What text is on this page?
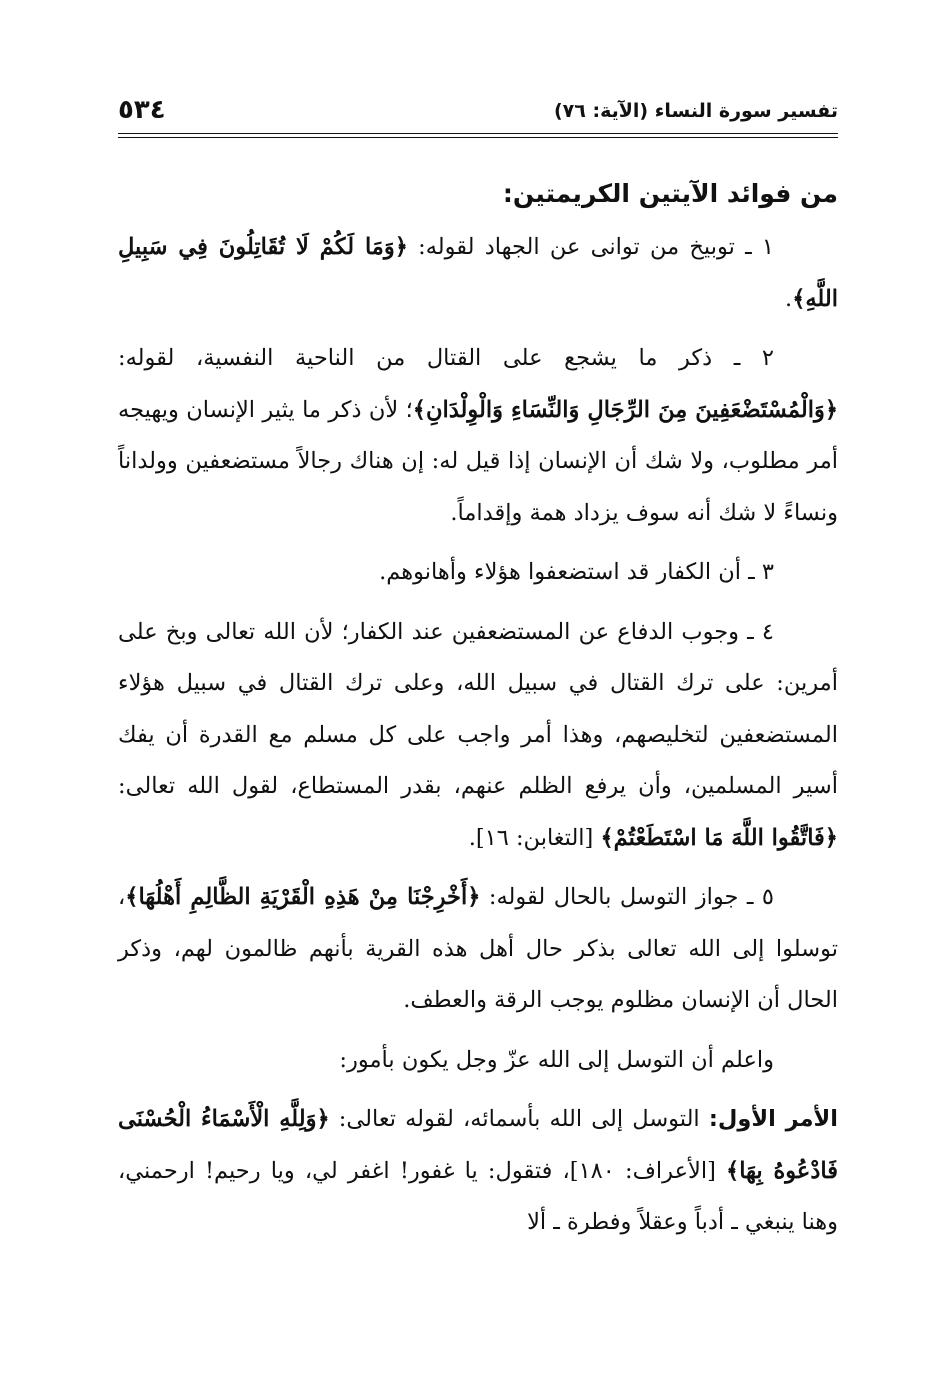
تفسير سورة النساء (الآية: ٧٦)
٥٣٤
من فوائد الآيتين الكريمتين:

١ ـ توبيخ من توانى عن الجهاد لقوله: ﴿وَمَا لَكُمْ لَا تُقَاتِلُونَ فِي سَبِيلِ اللَّهِ﴾.

٢ ـ ذكر ما يشجع على القتال من الناحية النفسية، لقوله: ﴿وَالْمُسْتَضْعَفِينَ مِنَ الرِّجَالِ وَالنِّسَاءِ وَالْوِلْدَانِ﴾؛ لأن ذكر ما يثير الإنسان ويهيجه أمر مطلوب، ولا شك أن الإنسان إذا قيل له: إن هناك رجالاً مستضعفين وولداناً ونساءً لا شك أنه سوف يزداد همة وإقداماً.

٣ ـ أن الكفار قد استضعفوا هؤلاء وأهانوهم.

٤ ـ وجوب الدفاع عن المستضعفين عند الكفار؛ لأن الله تعالى وبخ على أمرين: على ترك القتال في سبيل الله، وعلى ترك القتال في سبيل هؤلاء المستضعفين لتخليصهم، وهذا أمر واجب على كل مسلم مع القدرة أن يفك أسير المسلمين، وأن يرفع الظلم عنهم، بقدر المستطاع، لقول الله تعالى: ﴿فَاتَّقُوا اللَّهَ مَا اسْتَطَعْتُمْ﴾ [التغابن: ١٦].

٥ ـ جواز التوسل بالحال لقوله: ﴿أَخْرِجْنَا مِنْ هَذِهِ الْقَرْيَةِ الظَّالِمِ أَهْلُهَا﴾، توسلوا إلى الله تعالى بذكر حال أهل هذه القرية بأنهم ظالمون لهم، وذكر الحال أن الإنسان مظلوم يوجب الرقة والعطف.

واعلم أن التوسل إلى الله عزّ وجل يكون بأمور:

الأمر الأول: التوسل إلى الله بأسمائه، لقوله تعالى: ﴿وَلِلَّهِ الْأَسْمَاءُ الْحُسْنَى فَادْعُوهُ بِهَا﴾ [الأعراف: ١٨٠]، فتقول: يا غفور! اغفر لي، ويا رحيم! ارحمني، وهنا ينبغي ـ أدباً وعقلاً وفطرة ـ ألا
